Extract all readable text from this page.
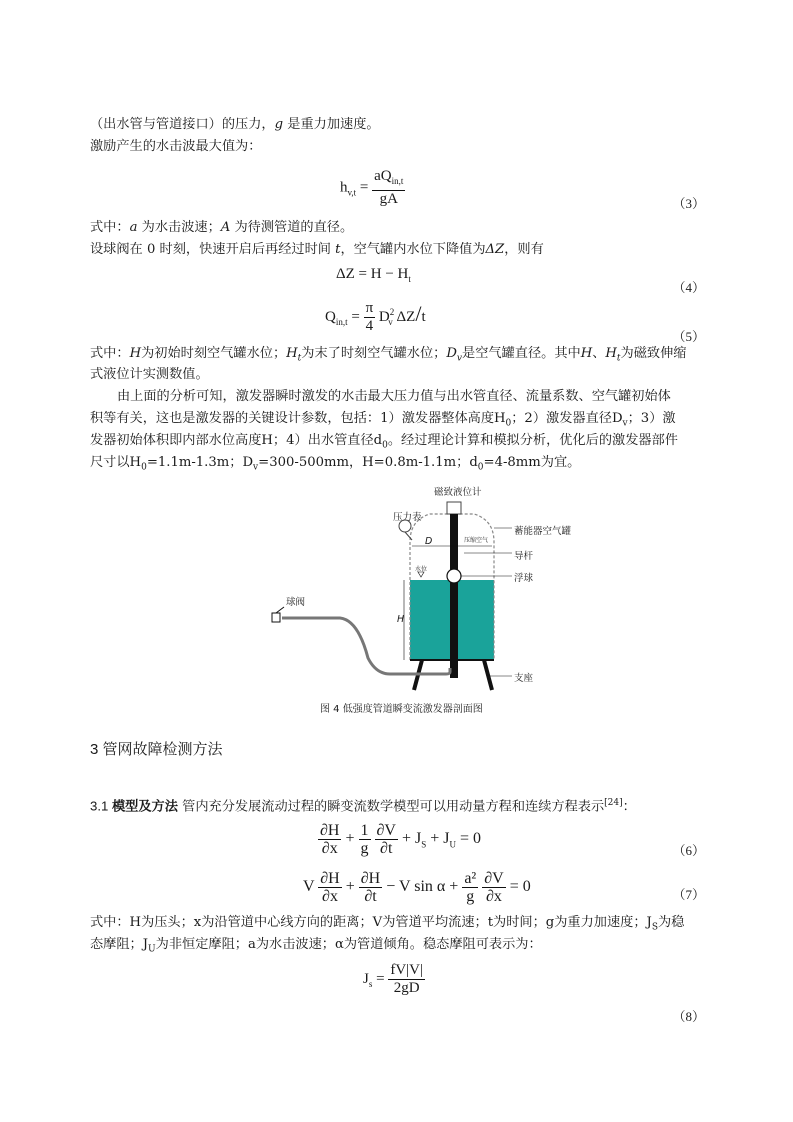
（出水管与管道接口）的压力，g 是重力加速度。
激励产生的水击波最大值为：
$h_{v,t} = \frac{aQ_{in,t}}{gA}$	（3）
式中：a 为水击波速；A 为待测管道的直径。
设球阀在 0 时刻，快速开启后再经过时间 t，空气罐内水位下降值为ΔZ，则有
$\Delta Z = H - H_t$
（4）
$Q_{in,t} = \frac{\pi}{4} D^2_v$ ΔZ/t
（5）
式中：H为初始时刻空气罐水位；$H_t$为末了时刻空气罐水位；$D_v$是空气罐直径。其中H、$H_t$为磁致伸缩
式液位计实测数值。
由上面的分析可知，激发器瞬时激发的水击最大压力值与出水管直径、流量系数、空气罐初始体
积等有关，这也是激发器的关键设计参数，包括：1）激发器整体高度$H_0$；2）激发器直径$D_v$；3）激
发器初始体积即内部水位高度H；4）出水管直径$d_0$。经过理论计算和模拟分析，优化后的激发器部件
尺寸以$H_0=1.1m-1.3m$；$D_v=300-500mm$，H=0.8m-1.1m；$d_0=4-8mm$为宜。
磁致液位计
压力表
蓄能器空气罐
压缩空气
D
导杆
水位
浮球
球阀
H
支座
图 4 低强度管道瞬变流激发器剖面图
3 管网故障检测方法
3.1 模型及方法 管内充分发展流动过程的瞬变流数学模型可以用动量方程和连续方程表示[24]：
$\frac{\partial H}{\partial x} + \frac{1}{g}$
$\frac{\partial V}{\partial t} + J_S + J_U = 0$
（6）
V $\frac{\partial H}{\partial x} + \frac{\partial H}{\partial t} - V$ $\sin \alpha + \frac{\text{a²}}{g}$
$\frac{\partial V}{\partial x} = 0$	（7）
式中：H为压头；x为沿管道中心线方向的距离；V为管道平均流速；t为时间；g为重力加速度；$J_S$为稳
态摩阻；$J_U$为非恒定摩阻；a为水击波速；α为管道倾角。稳态摩阻可表示为：
$J_s = \frac{fV|V|}{2gD}$
（8）
